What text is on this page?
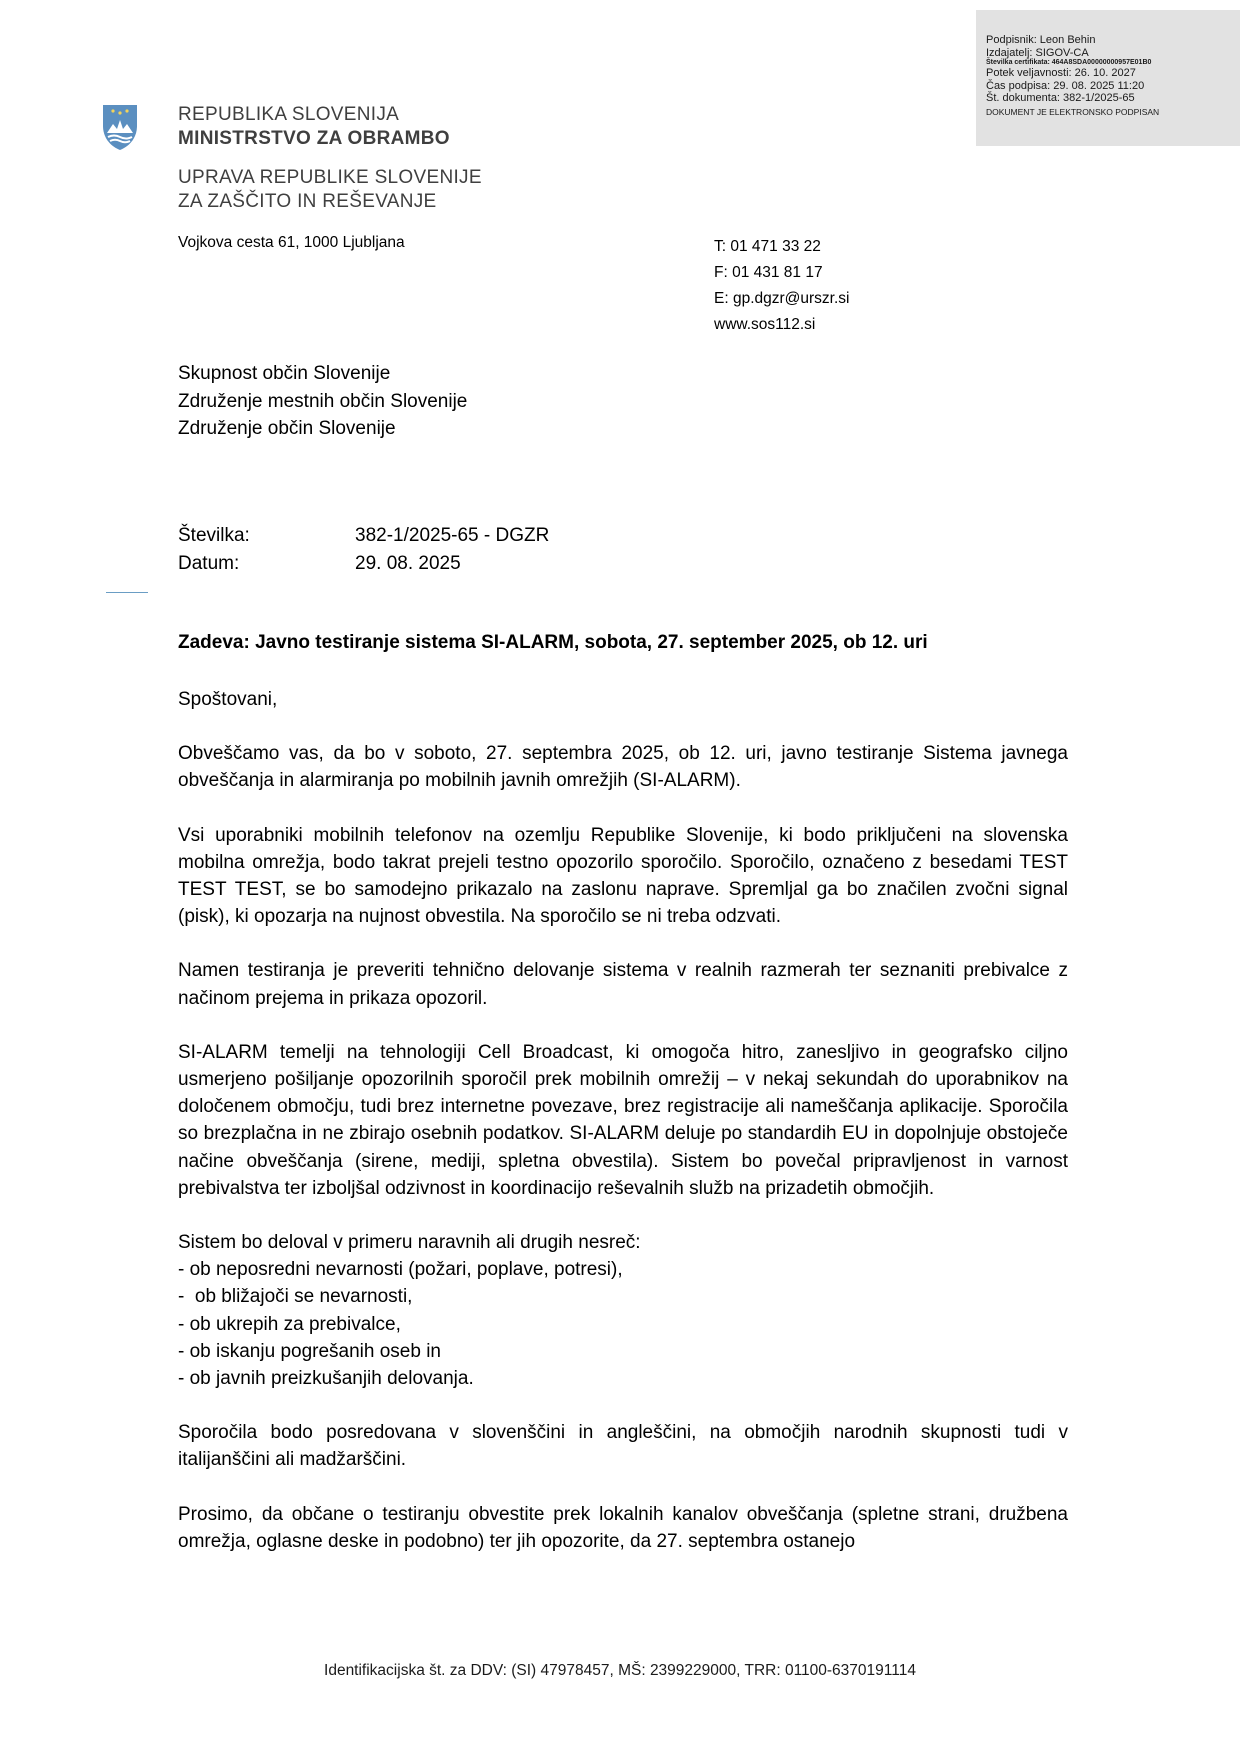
Podpisnik: Leon Behin
Izdajatelj: SIGOV-CA
Številka certifikata: 464A8SDA00000000957E01B0
Potek veljavnosti: 26. 10. 2027
Čas podpisa: 29. 08. 2025 11:20
Št. dokumenta: 382-1/2025-65
DOKUMENT JE ELEKTRONSKO PODPISAN
REPUBLIKA SLOVENIJA
MINISTRSTVO ZA OBRAMBO
UPRAVA REPUBLIKE SLOVENIJE
ZA ZAŠČITO IN REŠEVANJE
Vojkova cesta 61, 1000 Ljubljana	T: 01 471 33 22
F: 01 431 81 17
E: gp.dgzr@urszr.si
www.sos112.si
Skupnost občin Slovenije
Združenje mestnih občin Slovenije
Združenje občin Slovenije
Številka:	382-1/2025-65 - DGZR
Datum:	29. 08. 2025
Zadeva: Javno testiranje sistema SI-ALARM, sobota, 27. september 2025, ob 12. uri

Spoštovani,

Obveščamo vas, da bo v soboto, 27. septembra 2025, ob 12. uri, javno testiranje Sistema javnega obveščanja in alarmiranja po mobilnih javnih omrežjih (SI-ALARM).

Vsi uporabniki mobilnih telefonov na ozemlju Republike Slovenije, ki bodo priključeni na slovenska mobilna omrežja, bodo takrat prejeli testno opozorilo sporočilo. Sporočilo, označeno z besedami TEST TEST TEST, se bo samodejno prikazalo na zaslonu naprave. Spremljal ga bo značilen zvočni signal (pisk), ki opozarja na nujnost obvestila. Na sporočilo se ni treba odzvati.

Namen testiranja je preveriti tehnično delovanje sistema v realnih razmerah ter seznaniti prebivalce z načinom prejema in prikaza opozoril.

SI-ALARM temelji na tehnologiji Cell Broadcast, ki omogoča hitro, zanesljivo in geografsko ciljno usmerjeno pošiljanje opozorilnih sporočil prek mobilnih omrežij – v nekaj sekundah do uporabnikov na določenem območju, tudi brez internetne povezave, brez registracije ali nameščanja aplikacije. Sporočila so brezplačna in ne zbirajo osebnih podatkov. SI-ALARM deluje po standardih EU in dopolnjuje obstoječe načine obveščanja (sirene, mediji, spletna obvestila). Sistem bo povečal pripravljenost in varnost prebivalstva ter izboljšal odzivnost in koordinacijo reševalnih služb na prizadetih območjih.

Sistem bo deloval v primeru naravnih ali drugih nesreč:
- ob neposredni nevarnosti (požari, poplave, potresi),
-  ob bližajoči se nevarnosti,
- ob ukrepih za prebivalce,
- ob iskanju pogrešanih oseb in
- ob javnih preizkušanjih delovanja.

Sporočila bodo posredovana v slovenščini in angleščini, na območjih narodnih skupnosti tudi v italijanščini ali madžarščini.

Prosimo, da občane o testiranju obvestite prek lokalnih kanalov obveščanja (spletne strani, družbena omrežja, oglasne deske in podobno) ter jih opozorite, da 27. septembra ostanejo

Identifikacijska št. za DDV: (SI) 47978457, MŠ: 2399229000, TRR: 01100-6370191114
